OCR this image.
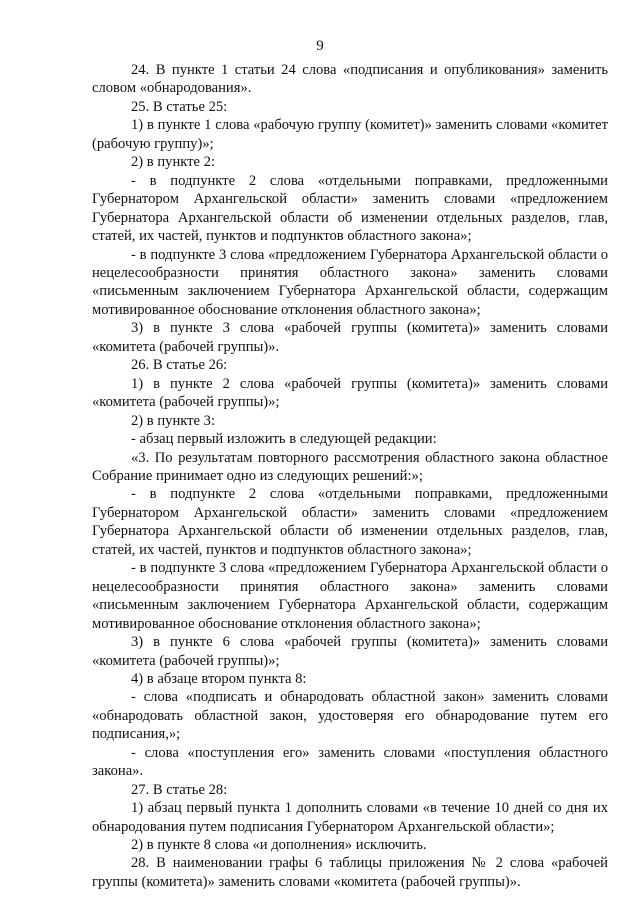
9

24. В пункте 1 статьи 24 слова «подписания и опубликования» заменить словом «обнародования».

25. В статье 25:

1) в пункте 1 слова «рабочую группу (комитет)» заменить словами «комитет (рабочую группу)»;

2) в пункте 2:

- в подпункте 2 слова «отдельными поправками, предложенными Губернатором Архангельской области» заменить словами «предложением Губернатора Архангельской области об изменении отдельных разделов, глав, статей, их частей, пунктов и подпунктов областного закона»;

- в подпункте 3 слова «предложением Губернатора Архангельской области о нецелесообразности принятия областного закона» заменить словами «письменным заключением Губернатора Архангельской области, содержащим мотивированное обоснование отклонения областного закона»;

3) в пункте 3 слова «рабочей группы (комитета)» заменить словами «комитета (рабочей группы)».

26. В статье 26:

1) в пункте 2 слова «рабочей группы (комитета)» заменить словами «комитета (рабочей группы)»;

2) в пункте 3:

- абзац первый изложить в следующей редакции:

«3. По результатам повторного рассмотрения областного закона областное Собрание принимает одно из следующих решений:»;

- в подпункте 2 слова «отдельными поправками, предложенными Губернатором Архангельской области» заменить словами «предложением Губернатора Архангельской области об изменении отдельных разделов, глав, статей, их частей, пунктов и подпунктов областного закона»;

- в подпункте 3 слова «предложением Губернатора Архангельской области о нецелесообразности принятия областного закона» заменить словами «письменным заключением Губернатора Архангельской области, содержащим мотивированное обоснование отклонения областного закона»;

3) в пункте 6 слова «рабочей группы (комитета)» заменить словами «комитета (рабочей группы)»;

4) в абзаце втором пункта 8:

- слова «подписать и обнародовать областной закон» заменить словами «обнародовать областной закон, удостоверяя его обнародование путем его подписания,»;

- слова «поступления его» заменить словами «поступления областного закона».

27. В статье 28:

1) абзац первый пункта 1 дополнить словами «в течение 10 дней со дня их обнародования путем подписания Губернатором Архангельской области»;

2) в пункте 8 слова «и дополнения» исключить.

28. В наименовании графы 6 таблицы приложения № 2 слова «рабочей группы (комитета)» заменить словами «комитета (рабочей группы)».
